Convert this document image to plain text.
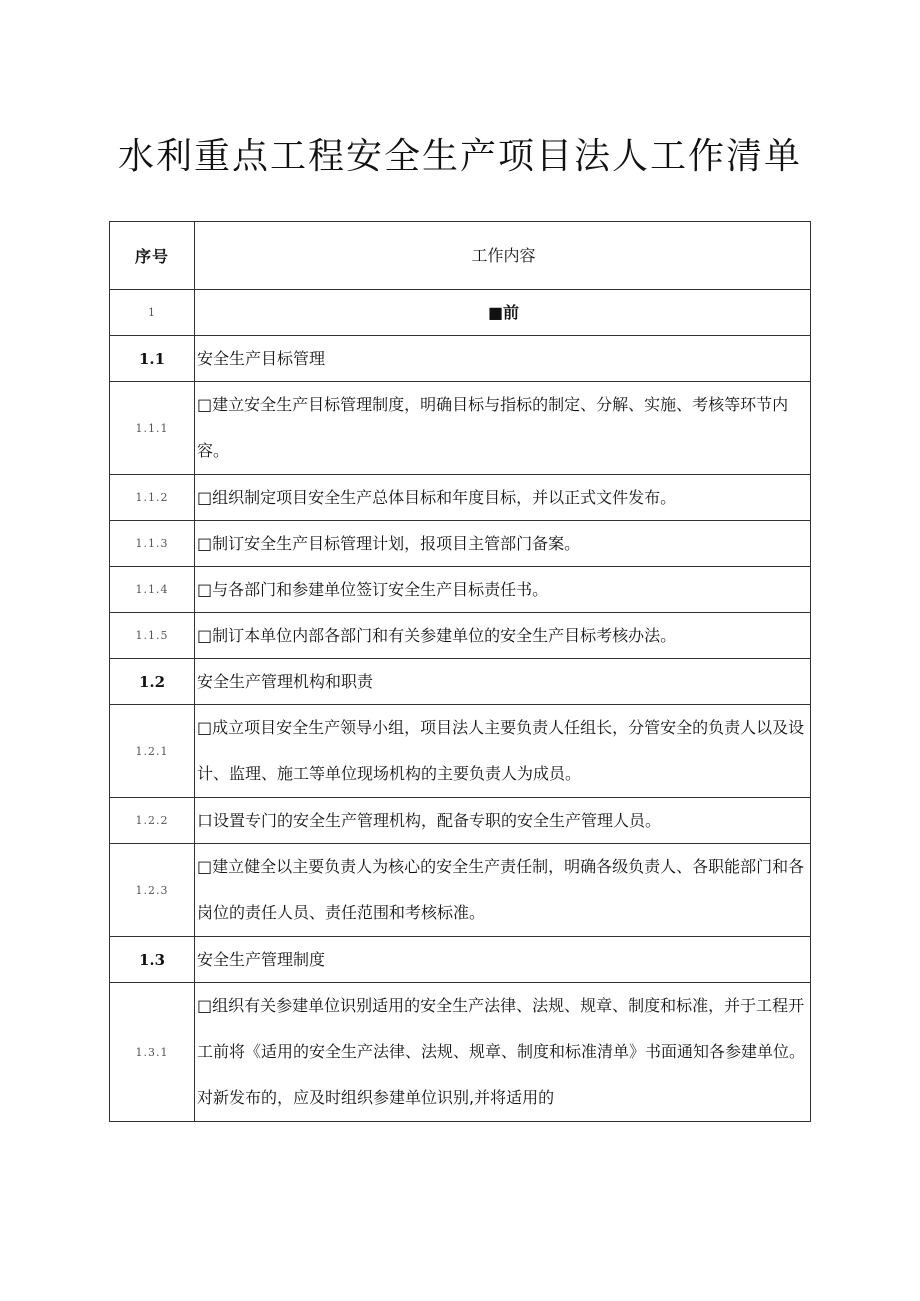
水利重点工程安全生产项目法人工作清单
序号	工作内容
1	■前
1.1	安全生产目标管理
1.1.1	□建立安全生产目标管理制度，明确目标与指标的制定、分解、实施、考核等环节内容。
1.1.2	□组织制定项目安全生产总体目标和年度目标，并以正式文件发布。
1.1.3	□制订安全生产目标管理计划，报项目主管部门备案。
1.1.4	□与各部门和参建单位签订安全生产目标责任书。
1.1.5	□制订本单位内部各部门和有关参建单位的安全生产目标考核办法。
1.2	安全生产管理机构和职责
1.2.1	□成立项目安全生产领导小组，项目法人主要负责人任组长，分管安全的负责人以及设计、监理、施工等单位现场机构的主要负责人为成员。
1.2.2	口设置专门的安全生产管理机构，配备专职的安全生产管理人员。
1.2.3	□建立健全以主要负责人为核心的安全生产责任制，明确各级负责人、各职能部门和各岗位的责任人员、责任范围和考核标准。
1.3	安全生产管理制度
1.3.1	□组织有关参建单位识别适用的安全生产法律、法规、规章、制度和标准，并于工程开工前将《适用的安全生产法律、法规、规章、制度和标准清单》书面通知各参建单位。对新发布的，应及时组织参建单位识别,并将适用的
